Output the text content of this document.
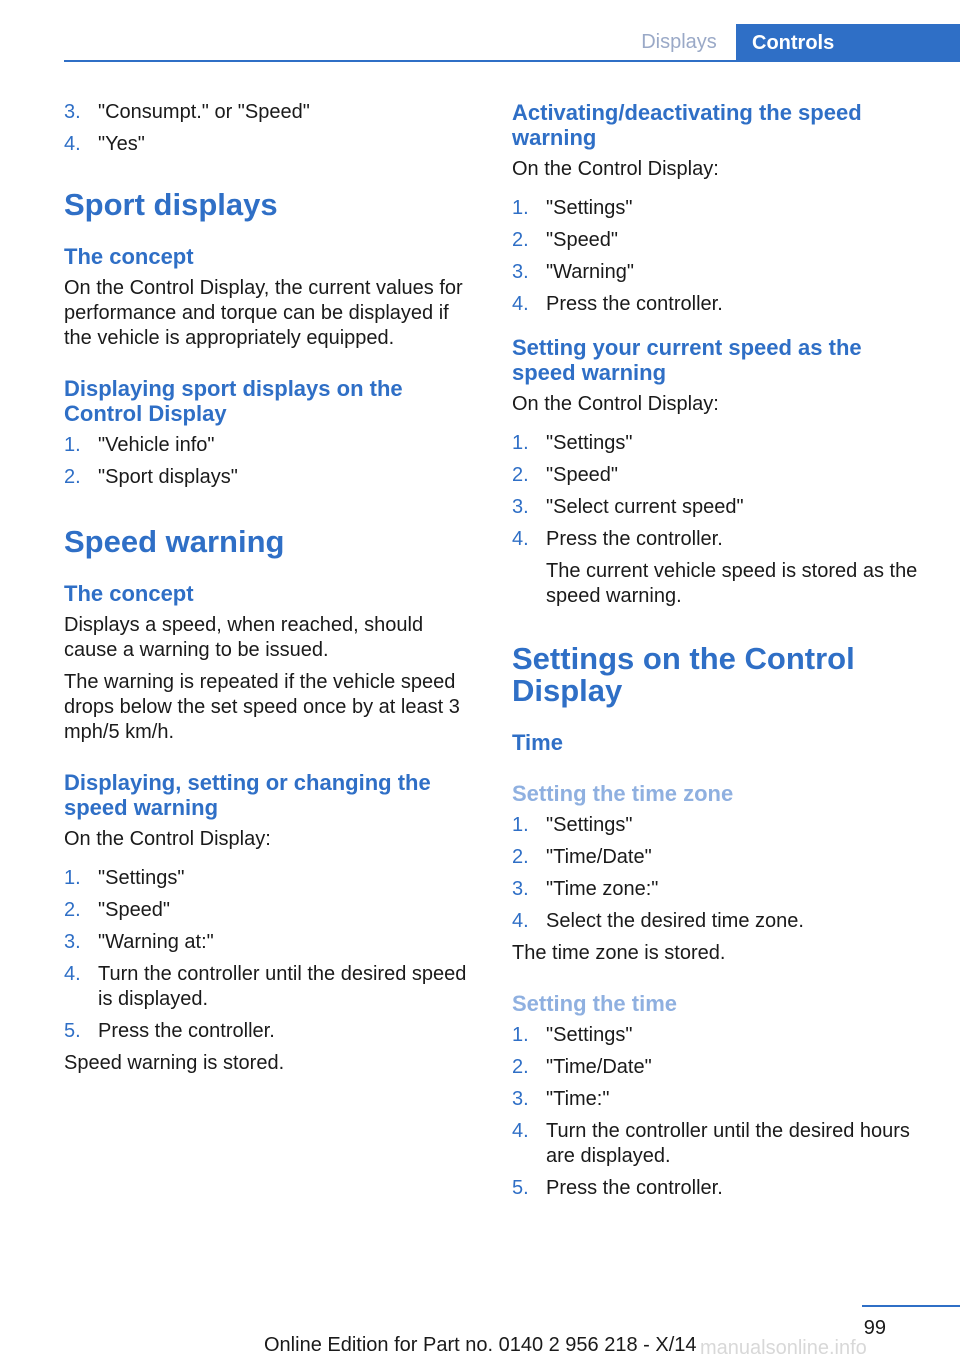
Displays	Controls
3. "Consumpt." or "Speed"
4. "Yes"
Sport displays
The concept
On the Control Display, the current values for performance and torque can be displayed if the vehicle is appropriately equipped.
Displaying sport displays on the Control Display
1. "Vehicle info"
2. "Sport displays"
Speed warning
The concept
Displays a speed, when reached, should cause a warning to be issued.
The warning is repeated if the vehicle speed drops below the set speed once by at least 3 mph/5 km/h.
Displaying, setting or changing the speed warning
On the Control Display:
1. "Settings"
2. "Speed"
3. "Warning at:"
4. Turn the controller until the desired speed is displayed.
5. Press the controller.
Speed warning is stored.
Activating/deactivating the speed warning
On the Control Display:
1. "Settings"
2. "Speed"
3. "Warning"
4. Press the controller.
Setting your current speed as the speed warning
On the Control Display:
1. "Settings"
2. "Speed"
3. "Select current speed"
4. Press the controller.
The current vehicle speed is stored as the speed warning.
Settings on the Control Display
Time
Setting the time zone
1. "Settings"
2. "Time/Date"
3. "Time zone:"
4. Select the desired time zone.
The time zone is stored.
Setting the time
1. "Settings"
2. "Time/Date"
3. "Time:"
4. Turn the controller until the desired hours are displayed.
5. Press the controller.
99
Online Edition for Part no. 0140 2 956 218 - X/14 manualsonline.info
